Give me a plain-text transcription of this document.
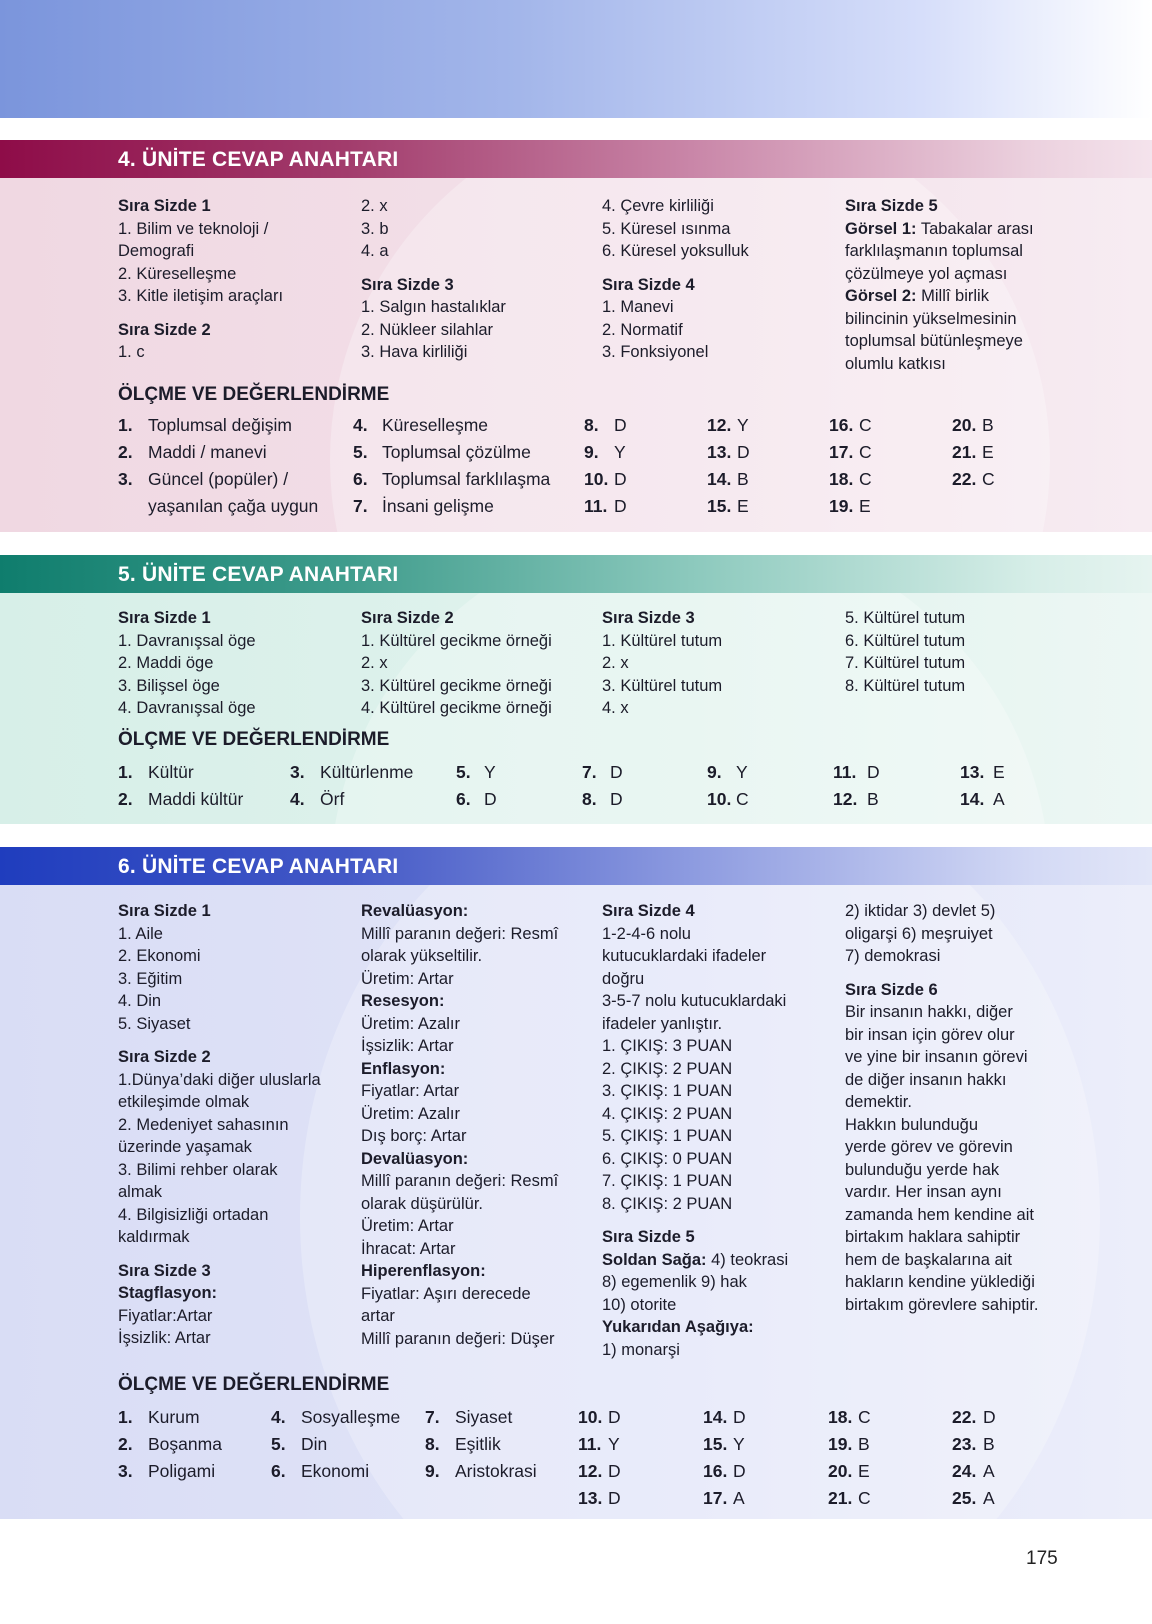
4. ÜNİTE CEVAP ANAHTARI
Sıra Sizde 1
1. Bilim ve teknoloji /
Demografi
2. Küreselleşme
3. Kitle iletişim araçları
Sıra Sizde 2
1. c
2. x
3. b
4. a
Sıra Sizde 3
1. Salgın hastalıklar
2. Nükleer silahlar
3. Hava kirliliği
4. Çevre kirliliği
5. Küresel ısınma
6. Küresel yoksulluk
Sıra Sizde 4
1. Manevi
2. Normatif
3. Fonksiyonel
Sıra Sizde 5
Görsel 1: Tabakalar arası
farklılaşmanın toplumsal
çözülmeye yol açması
Görsel 2: Millî birlik
bilincinin yükselmesinin
toplumsal bütünleşmeye
olumlu katkısı
ÖLÇME VE DEĞERLENDİRME
1. Toplumsal değişim
2. Maddi / manevi
3. Güncel (popüler) /
yaşanılan çağa uygun
4. Küreselleşme
5. Toplumsal çözülme
6. Toplumsal farklılaşma
7. İnsani gelişme
8. D
9. Y
10. D
11. D
12. Y
13. D
14. B
15. E
16. C
17. C
18. C
19. E
20. B
21. E
22. C
5. ÜNİTE CEVAP ANAHTARI
Sıra Sizde 1
1. Davranışsal öge
2. Maddi öge
3. Bilişsel öge
4. Davranışsal öge
Sıra Sizde 2
1. Kültürel gecikme örneği
2. x
3. Kültürel gecikme örneği
4. Kültürel gecikme örneği
Sıra Sizde 3
1. Kültürel tutum
2. x
3. Kültürel tutum
4. x
5. Kültürel tutum
6. Kültürel tutum
7. Kültürel tutum
8. Kültürel tutum
ÖLÇME VE DEĞERLENDİRME
1. Kültür
2. Maddi kültür
3. Kültürlenme
4. Örf
5. Y
6. D
7. D
8. D
9. Y
10. C
11. D
12. B
13. E
14. A
6. ÜNİTE CEVAP ANAHTARI
Sıra Sizde 1
1. Aile
2. Ekonomi
3. Eğitim
4. Din
5. Siyaset
Sıra Sizde 2
1.Dünya’daki diğer uluslarla
etkileşimde olmak
2. Medeniyet sahasının
üzerinde yaşamak
3. Bilimi rehber olarak
almak
4. Bilgisizliği ortadan
kaldırmak
Sıra Sizde 3
Stagflasyon:
Fiyatlar:Artar
İşsizlik: Artar
Revalüasyon:
Millî paranın değeri: Resmî
olarak yükseltilir.
Üretim: Artar
Resesyon:
Üretim: Azalır
İşsizlik: Artar
Enflasyon:
Fiyatlar: Artar
Üretim: Azalır
Dış borç: Artar
Devalüasyon:
Millî paranın değeri: Resmî
olarak düşürülür.
Üretim: Artar
İhracat: Artar
Hiperenflasyon:
Fiyatlar: Aşırı derecede
artar
Millî paranın değeri: Düşer
Sıra Sizde 4
1-2-4-6 nolu
kutucuklardaki ifadeler
doğru
3-5-7 nolu kutucuklardaki
ifadeler yanlıştır.
1. ÇIKIŞ: 3 PUAN
2. ÇIKIŞ: 2 PUAN
3. ÇIKIŞ: 1 PUAN
4. ÇIKIŞ: 2 PUAN
5. ÇIKIŞ: 1 PUAN
6. ÇIKIŞ: 0 PUAN
7. ÇIKIŞ: 1 PUAN
8. ÇIKIŞ: 2 PUAN
Sıra Sizde 5
Soldan Sağa: 4) teokrasi
8) egemenlik 9) hak
10) otorite
Yukarıdan Aşağıya:
1) monarşi
2) iktidar 3) devlet 5)
oligarşi 6) meşruiyet
7) demokrasi
Sıra Sizde 6
Bir insanın hakkı, diğer
bir insan için görev olur
ve yine bir insanın görevi
de diğer insanın hakkı
demektir.
Hakkın bulunduğu
yerde görev ve görevin
bulunduğu yerde hak
vardır. Her insan aynı
zamanda hem kendine ait
birtakım haklara sahiptir
hem de başkalarına ait
hakların kendine yüklediği
birtakım görevlere sahiptir.
ÖLÇME VE DEĞERLENDİRME
1. Kurum
2. Boşanma
3. Poligami
4. Sosyalleşme
5. Din
6. Ekonomi
7. Siyaset
8. Eşitlik
9. Aristokrasi
10. D
11. Y
12. D
13. D
14. D
15. Y
16. D
17. A
18. C
19. B
20. E
21. C
22. D
23. B
24. A
25. A
175
